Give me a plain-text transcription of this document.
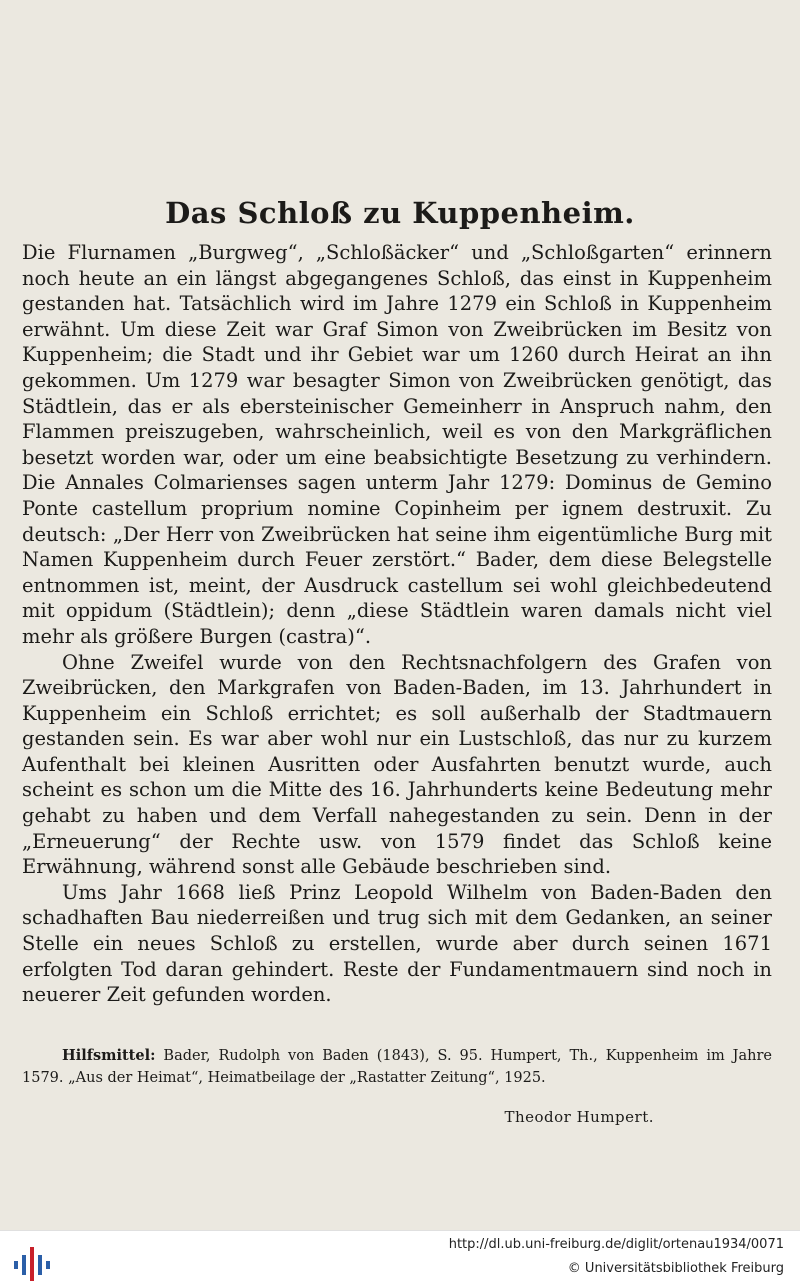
Das Schloß zu Kuppenheim.

Die Flurnamen „Burgweg“, „Schloßäcker“ und „Schloßgarten“ erinnern noch heute an ein längst abgegangenes Schloß, das einst in Kuppenheim gestanden hat. Tatsächlich wird im Jahre 1279 ein Schloß in Kuppenheim erwähnt. Um diese Zeit war Graf Simon von Zweibrücken im Besitz von Kuppenheim; die Stadt und ihr Gebiet war um 1260 durch Heirat an ihn gekommen. Um 1279 war besagter Simon von Zweibrücken genötigt, das Städtlein, das er als ebersteinischer Gemeinherr in Anspruch nahm, den Flammen preiszugeben, wahrscheinlich, weil es von den Markgräflichen besetzt worden war, oder um eine beabsichtigte Besetzung zu verhindern. Die Annales Colmarienses sagen unterm Jahr 1279: Dominus de Gemino Ponte castellum proprium nomine Copinheim per ignem destruxit. Zu deutsch: „Der Herr von Zweibrücken hat seine ihm eigentümliche Burg mit Namen Kuppenheim durch Feuer zerstört.“ Bader, dem diese Belegstelle entnommen ist, meint, der Ausdruck castellum sei wohl gleichbedeutend mit oppidum (Städtlein); denn „diese Städtlein waren damals nicht viel mehr als größere Burgen (castra)“.

Ohne Zweifel wurde von den Rechtsnachfolgern des Grafen von Zweibrücken, den Markgrafen von Baden-Baden, im 13. Jahrhundert in Kuppenheim ein Schloß errichtet; es soll außerhalb der Stadtmauern gestanden sein. Es war aber wohl nur ein Lustschloß, das nur zu kurzem Aufenthalt bei kleinen Ausritten oder Ausfahrten benutzt wurde, auch scheint es schon um die Mitte des 16. Jahrhunderts keine Bedeutung mehr gehabt zu haben und dem Verfall nahegestanden zu sein. Denn in der „Erneuerung“ der Rechte usw. von 1579 findet das Schloß keine Erwähnung, während sonst alle Gebäude beschrieben sind.

Ums Jahr 1668 ließ Prinz Leopold Wilhelm von Baden-Baden den schadhaften Bau niederreißen und trug sich mit dem Gedanken, an seiner Stelle ein neues Schloß zu erstellen, wurde aber durch seinen 1671 erfolgten Tod daran gehindert. Reste der Fundamentmauern sind noch in neuerer Zeit gefunden worden.

Hilfsmittel: Bader, Rudolph von Baden (1843), S. 95. Humpert, Th., Kuppenheim im Jahre 1579. „Aus der Heimat“, Heimatbeilage der „Rastatter Zeitung“, 1925.

Theodor Humpert.

http://dl.ub.uni-freiburg.de/diglit/ortenau1934/0071
© Universitätsbibliothek Freiburg
